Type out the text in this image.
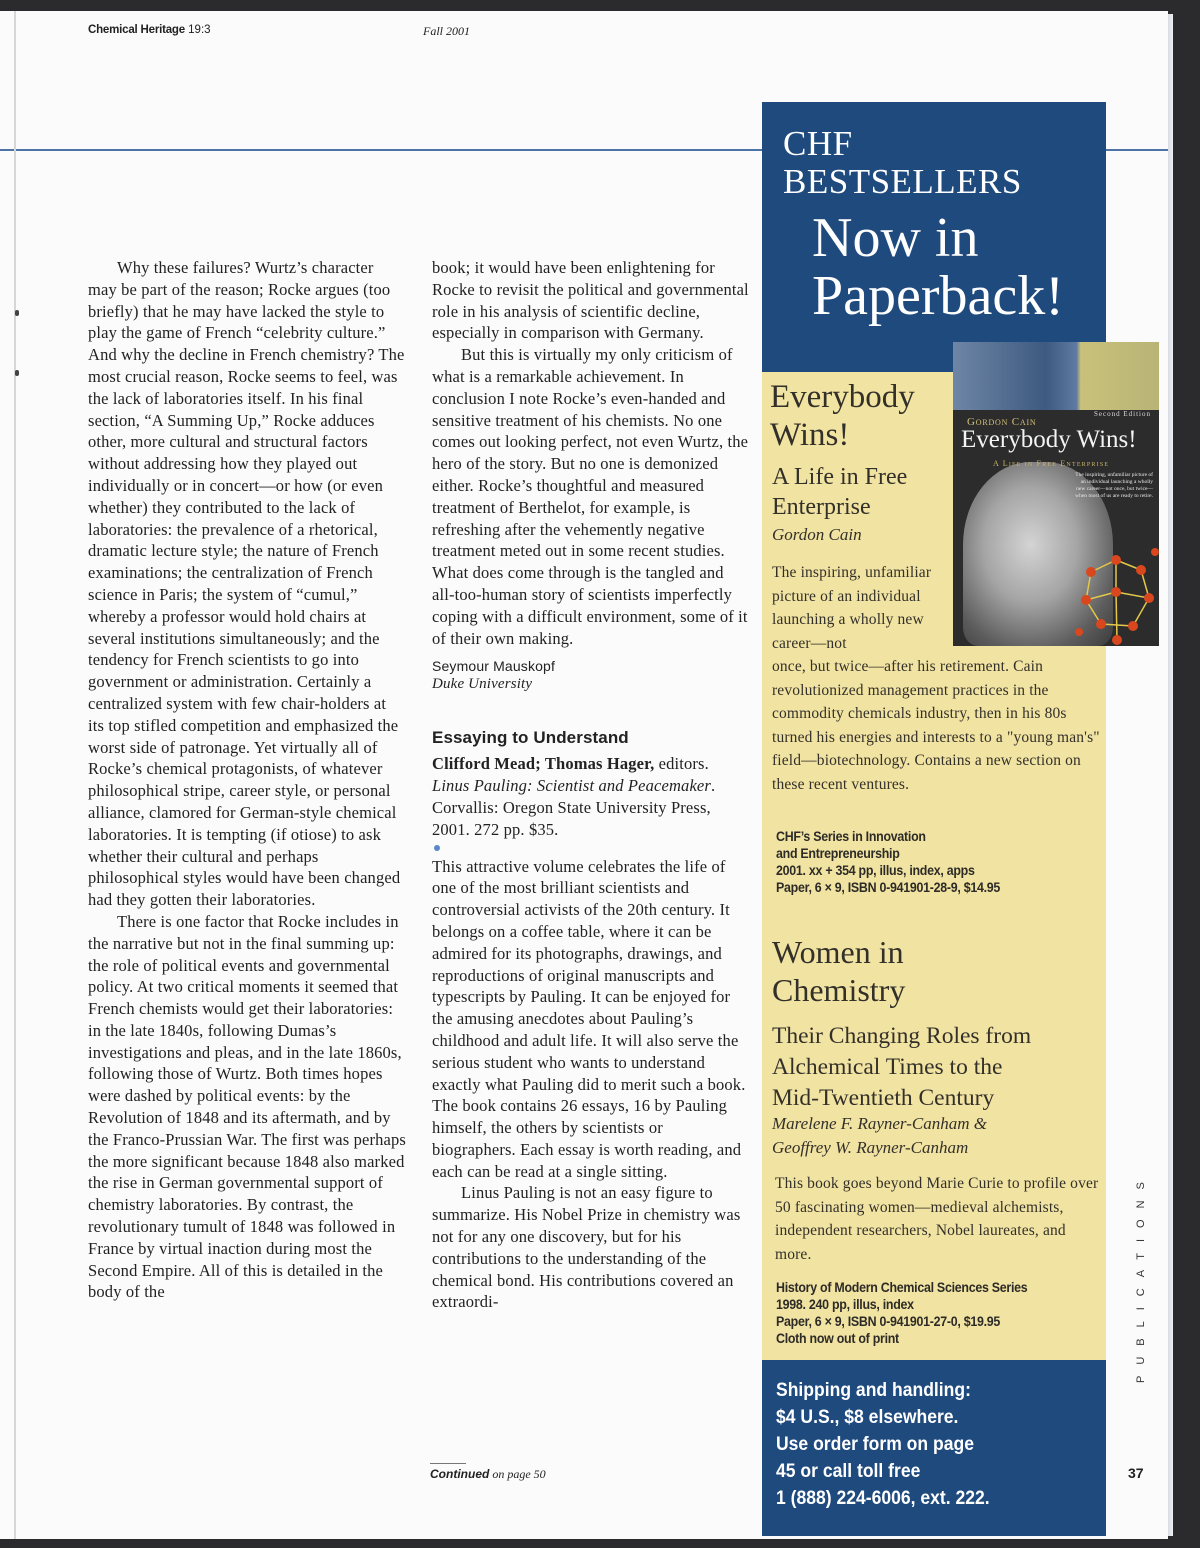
Chemical Heritage 19:3	Fall 2001

Why these failures? Wurtz’s character may be part of the reason; Rocke argues (too briefly) that he may have lacked the style to play the game of French “celebrity culture.” And why the decline in French chemistry? The most crucial reason, Rocke seems to feel, was the lack of laboratories itself. In his final section, “A Summing Up,” Rocke adduces other, more cultural and structural factors without addressing how they played out individually or in concert—or how (or even whether) they contributed to the lack of laboratories: the prevalence of a rhetorical, dramatic lecture style; the nature of French examinations; the centralization of French science in Paris; the system of “cumul,” whereby a professor would hold chairs at several institutions simultaneously; and the tendency for French scientists to go into government or administration. Certainly a centralized system with few chair-holders at its top stifled competition and emphasized the worst side of patronage. Yet virtually all of Rocke’s chemical protagonists, of whatever philosophical stripe, career style, or personal alliance, clamored for German-style chemical laboratories. It is tempting (if otiose) to ask whether their cultural and perhaps philosophical styles would have been changed had they gotten their laboratories.

There is one factor that Rocke includes in the narrative but not in the final summing up: the role of political events and governmental policy. At two critical moments it seemed that French chemists would get their laboratories: in the late 1840s, following Dumas’s investigations and pleas, and in the late 1860s, following those of Wurtz. Both times hopes were dashed by political events: by the Revolution of 1848 and its aftermath, and by the Franco-Prussian War. The first was perhaps the more significant because 1848 also marked the rise in German governmental support of chemistry laboratories. By contrast, the revolutionary tumult of 1848 was followed in France by virtual inaction during most the Second Empire. All of this is detailed in the body of the

book; it would have been enlightening for Rocke to revisit the political and governmental role in his analysis of scientific decline, especially in comparison with Germany.

But this is virtually my only criticism of what is a remarkable achievement. In conclusion I note Rocke’s even-handed and sensitive treatment of his chemists. No one comes out looking perfect, not even Wurtz, the hero of the story. But no one is demonized either. Rocke’s thoughtful and measured treatment of Berthelot, for example, is refreshing after the vehemently negative treatment meted out in some recent studies. What does come through is the tangled and all-too-human story of scientists imperfectly coping with a difficult environment, some of it of their own making.

Seymour Mauskopf
Duke University
Essaying to Understand
Clifford Mead; Thomas Hager, editors. Linus Pauling: Scientist and Peacemaker. Corvallis: Oregon State University Press, 2001. 272 pp. $35.

This attractive volume celebrates the life of one of the most brilliant scientists and controversial activists of the 20th century. It belongs on a coffee table, where it can be admired for its photographs, drawings, and reproductions of original manuscripts and typescripts by Pauling. It can be enjoyed for the amusing anecdotes about Pauling’s childhood and adult life. It will also serve the serious student who wants to understand exactly what Pauling did to merit such a book. The book contains 26 essays, 16 by Pauling himself, the others by scientists or biographers. Each essay is worth reading, and each can be read at a single sitting.

Linus Pauling is not an easy figure to summarize. His Nobel Prize in chemistry was not for any one discovery, but for his contributions to the understanding of the chemical bond. His contributions covered an extraordi-

Continued on page 50
CHF
BESTSELLERS
Now in
Paperback!
Second Edition
Gordon Cain
Everybody Wins!
A Life in Free Enterprise
The inspiring, unfamiliar picture of an individual launching a wholly new career—not once, but twice—when most of us are ready to retire.
Everybody
Wins!
A Life in Free
Enterprise
Gordon Cain
The inspiring, unfamiliar picture of an individual launching a wholly new career—not
once, but twice—after his retirement. Cain revolutionized management practices in the commodity chemicals industry, then in his 80s turned his energies and interests to a "young man's" field—biotechnology. Contains a new section on these recent ventures.
CHF’s Series in Innovation
and Entrepreneurship
2001. xx + 354 pp, illus, index, apps
Paper, 6 × 9, ISBN 0-941901-28-9, $14.95
Women in
Chemistry
Their Changing Roles from
Alchemical Times to the
Mid-Twentieth Century
Marelene F. Rayner-Canham &
Geoffrey W. Rayner-Canham
This book goes beyond Marie Curie to profile over 50 fascinating women—medieval alchemists, independent researchers, Nobel laureates, and more.
History of Modern Chemical Sciences Series
1998. 240 pp, illus, index
Paper, 6 × 9, ISBN 0-941901-27-0, $19.95
Cloth now out of print
Shipping and handling:
$4 U.S., $8 elsewhere.
Use order form on page
45 or call toll free
1 (888) 224-6006, ext. 222.
PUBLICATIONS
37
